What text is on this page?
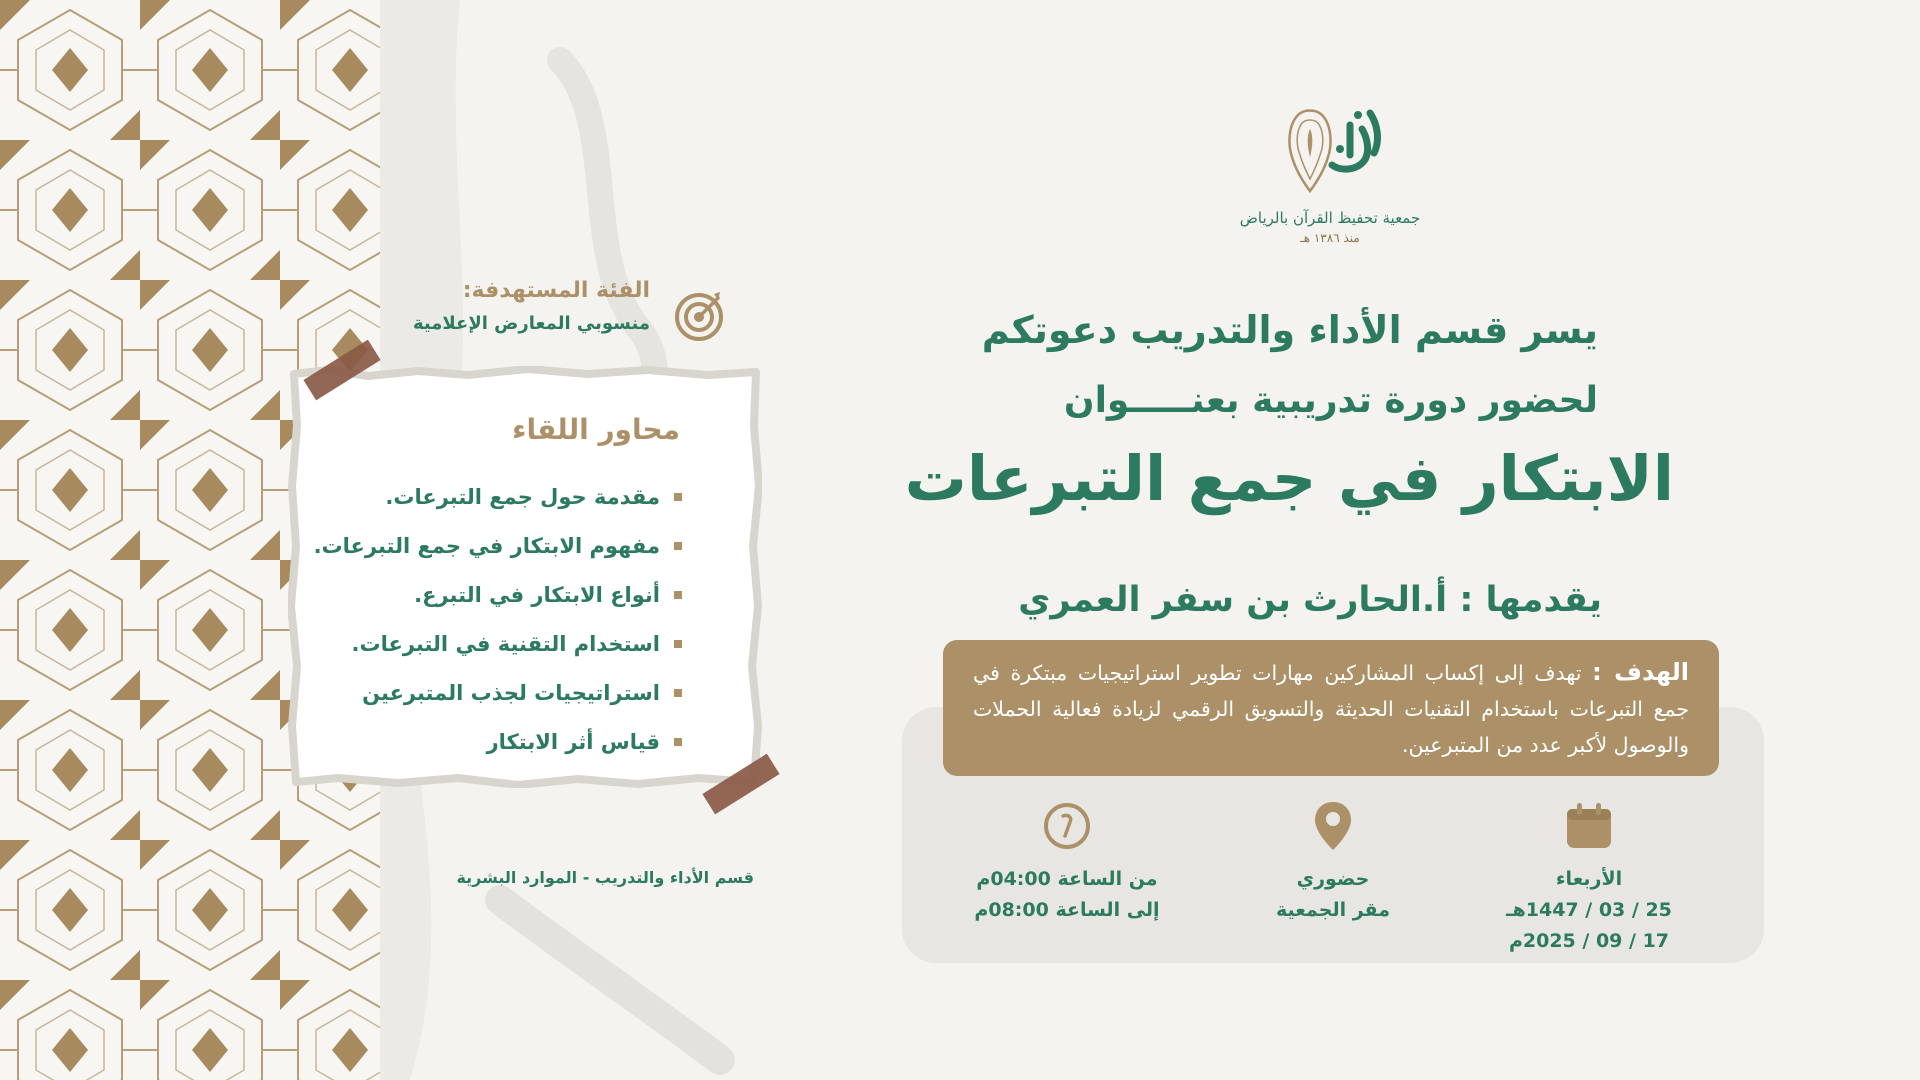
جمعية تحفيظ القرآن بالرياض
منذ ١٣٨٦ هـ
يسر قسم الأداء والتدريب دعوتكم
لحضور دورة تدريبية بعنـــــوان
الابتكار في جمع التبرعات
يقدمها : أ.الحارث بن سفر العمري
الهدف : تهدف إلى إكساب المشاركين مهارات تطوير استراتيجيات مبتكرة في جمع التبرعات باستخدام التقنيات الحديثة والتسويق الرقمي لزيادة فعالية الحملات والوصول لأكبر عدد من المتبرعين.
الأربعاء
25 / 03 / 1447هـ
17 / 09 / 2025م
حضوري
مقر الجمعية
من الساعة 04:00م
إلى الساعة 08:00م
الفئة المستهدفة:
منسوبي المعارض الإعلامية
محاور اللقاء
مقدمة حول جمع التبرعات.
مفهوم الابتكار في جمع التبرعات.
أنواع الابتكار في التبرع.
استخدام التقنية في التبرعات.
استراتيجيات لجذب المتبرعين
قياس أثر الابتكار
قسم الأداء والتدريب - الموارد البشرية
